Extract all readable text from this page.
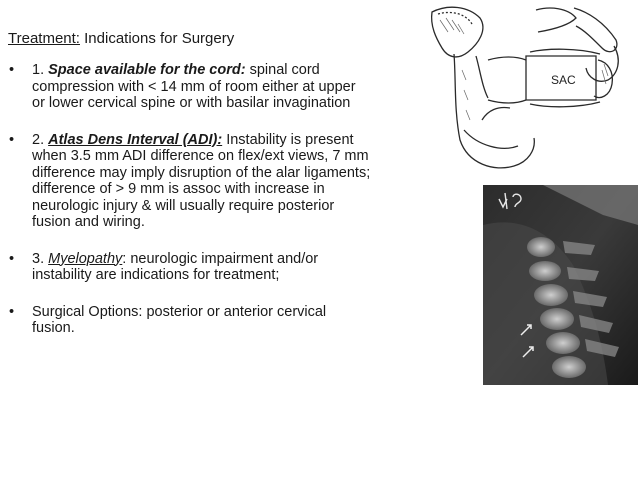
Treatment: Indications for Surgery
• 1. Space available for the cord: spinal cord compression with < 14 mm of room either at upper or lower cervical spine or with basilar invagination
• 2. Atlas Dens Interval (ADI): Instability is present when 3.5 mm ADI difference on flex/ext views, 7 mm difference may imply disruption of the alar ligaments; difference of > 9 mm is assoc with increase in neurologic injury & will usually require posterior fusion and wiring.
• 3. Myelopathy: neurologic impairment and/or instability are indications for treatment;
• Surgical Options: posterior or anterior cervical fusion.
SAC
